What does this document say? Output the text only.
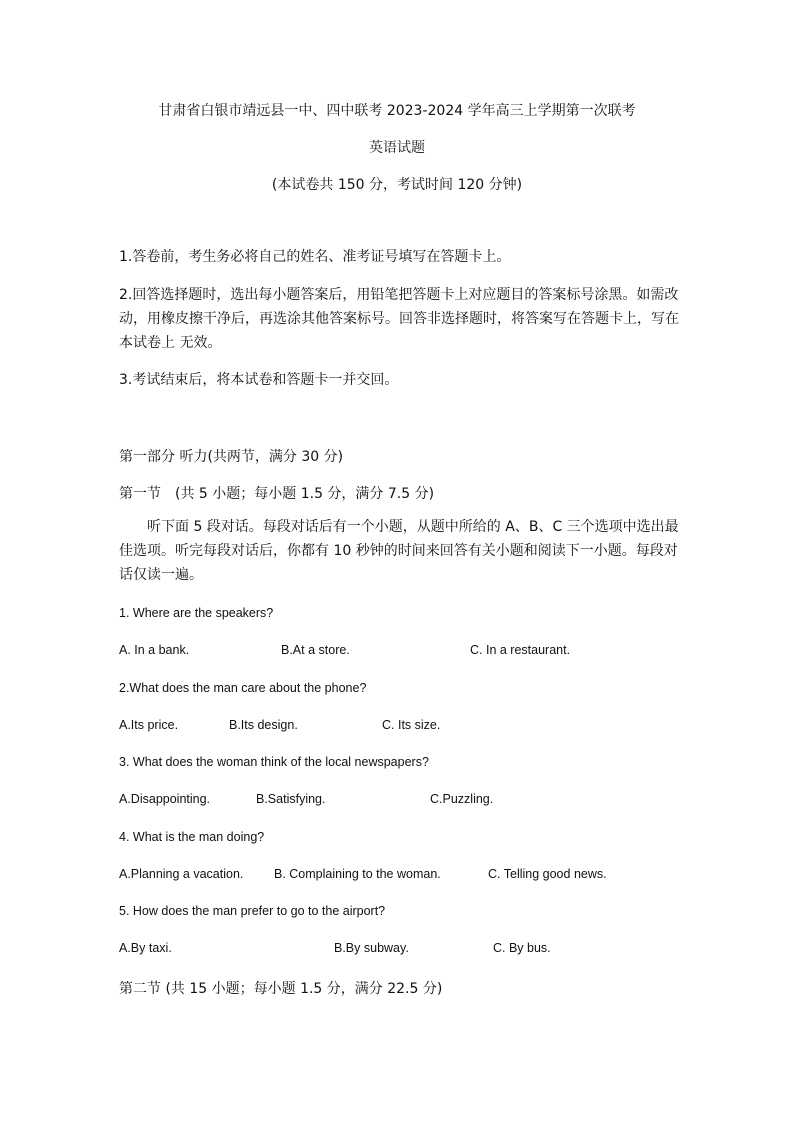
甘肃省白银市靖远县一中、四中联考 2023-2024 学年高三上学期第一次联考
英语试题
(本试卷共 150 分，考试时间 120 分钟)
1.答卷前，考生务必将自己的姓名、准考证号填写在答题卡上。
2.回答选择题时，选出每小题答案后，用铅笔把答题卡上对应题目的答案标号涂黑。如需改动，用橡皮擦干净后，再选涂其他答案标号。回答非选择题时，将答案写在答题卡上，写在本试卷上 无效。
3.考试结束后，将本试卷和答题卡一并交回。
第一部分 听力(共两节，满分 30 分)
第一节　(共 5 小题；每小题 1.5 分，满分 7.5 分)
听下面 5 段对话。每段对话后有一个小题，从题中所给的 A、B、C 三个选项中选出最佳选项。听完每段对话后，你都有 10 秒钟的时间来回答有关小题和阅读下一小题。每段对话仅读一遍。
1. Where are the speakers?
A. In a bank.	B.At a store.	C. In a restaurant.
2.What does the man care about the phone?
A.Its price.	B.Its design.	C. Its size.
3. What does the woman think of the local newspapers?
A.Disappointing.	B.Satisfying.	C.Puzzling.
4. What is the man doing?
A.Planning a vacation. B. Complaining to the woman.	C. Telling good news.
5. How does the man prefer to go to the airport?
A.By taxi.	B.By subway.	C. By bus.
第二节 (共 15 小题；每小题 1.5 分，满分 22.5 分)
